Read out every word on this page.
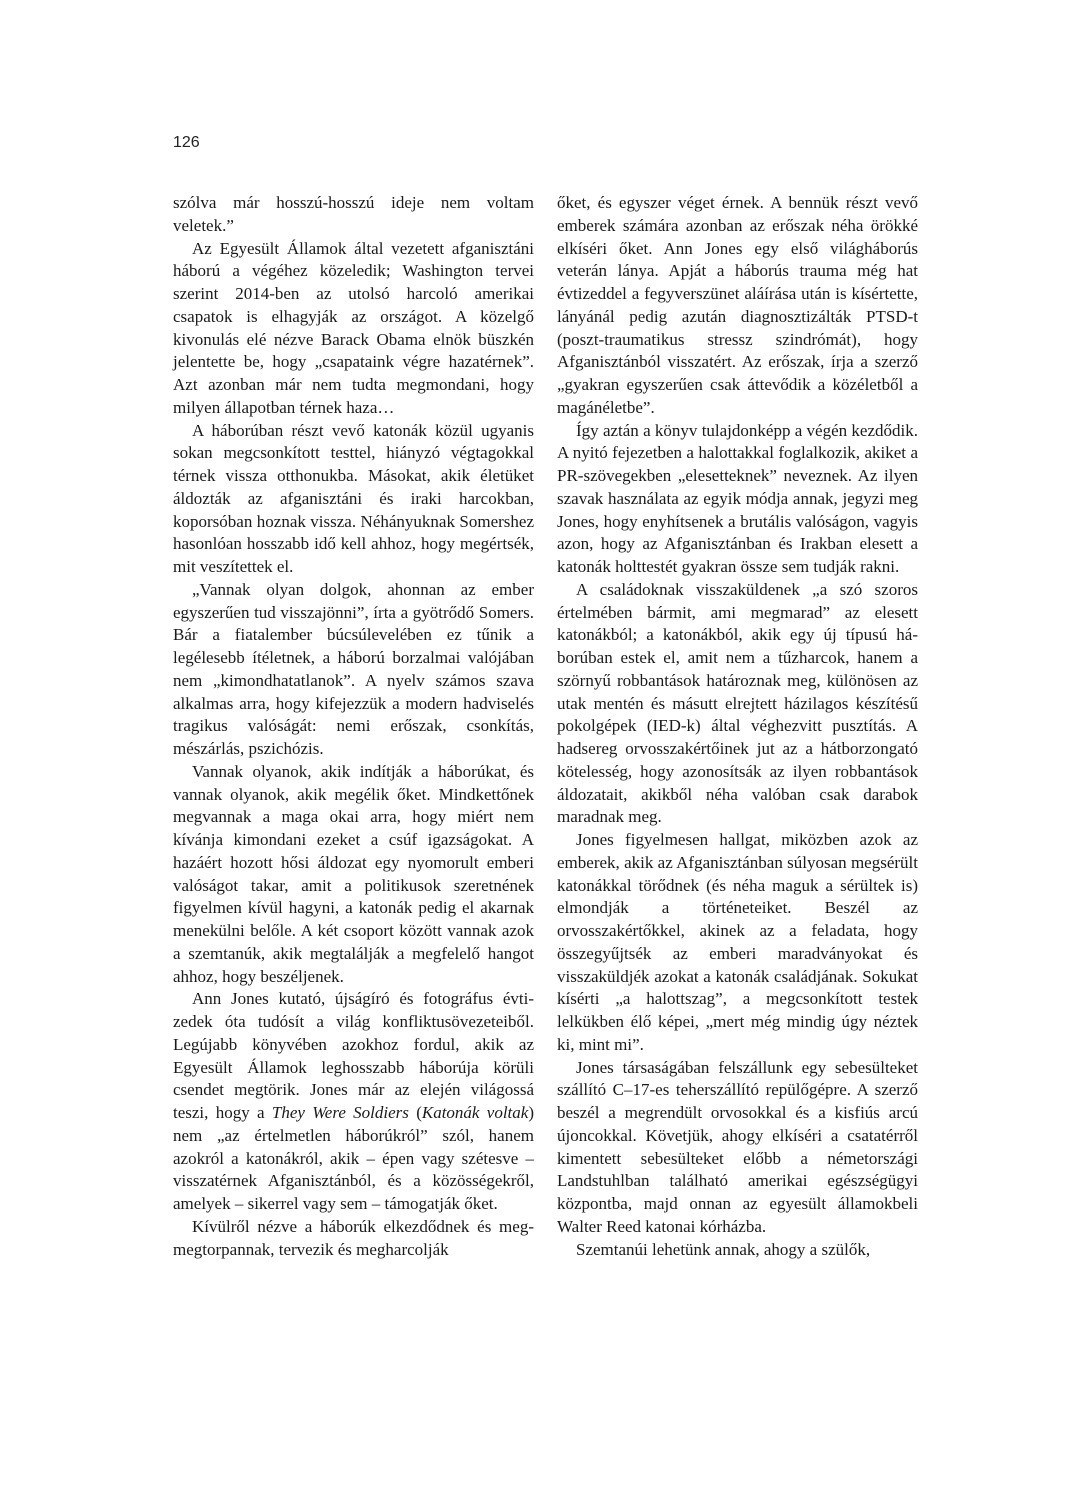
126

szólva már hosszú-hosszú ideje nem voltam veletek.”

Az Egyesült Államok által vezetett afganisztáni háború a végéhez közeledik; Washington tervei szerint 2014-ben az utolsó harcoló amerikai csapatok is elhagyják az országot. A közelgő kivonulás elé nézve Barack Obama elnök büszkén jelentette be, hogy „csapataink végre hazatérnek”. Azt azonban már nem tudta megmondani, hogy milyen állapotban térnek haza…

A háborúban részt vevő katonák közül ugyanis sokan megcsonkított testtel, hiányzó végtagokkal térnek vissza otthonukba. Másokat, akik életüket áldozták az afganisztáni és iraki harcokban, koporsóban hoznak vissza. Néhányuknak Somershez hasonlóan hosszabb idő kell ahhoz, hogy megértsék, mit veszítettek el.

„Vannak olyan dolgok, ahonnan az ember egyszerűen tud visszajönni”, írta a gyötrődő Somers. Bár a fiatalember búcsúlevelében ez tűnik a legélesebb ítéletnek, a háború borzalmai valójában nem „kimondhatatlanok”. A nyelv számos szava alkalmas arra, hogy kifejezzük a modern hadviselés tragikus valóságát: nemi erőszak, csonkítás, mészárlás, pszichózis.

Vannak olyanok, akik indítják a háborúkat, és vannak olyanok, akik megélik őket. Mindkettőnek megvannak a maga okai arra, hogy miért nem kívánja kimondani ezeket a csúf igazságokat. A hazáért hozott hősi áldozat egy nyomorult emberi valóságot takar, amit a politikusok szeretnének figyelmen kívül hagyni, a katonák pedig el akarnak menekülni belőle. A két csoport között vannak azok a szemtanúk, akik megtalálják a megfelelő hangot ahhoz, hogy beszéljenek.

Ann Jones kutató, újságíró és fotográfus évtizedek óta tudósít a világ konfliktusövezeteiből. Legújabb könyvében azokhoz fordul, akik az Egyesült Államok leghosszabb háborúja körüli csendet megtörik. Jones már az elején világossá teszi, hogy a They Were Soldiers (Katonák voltak) nem „az értelmetlen háborúkról” szól, hanem azokról a katonákról, akik – épen vagy szétesve – visszatérnek Afganisztánból, és a közösségekről, amelyek – sikerrel vagy sem – támogatják őket.

Kívülről nézve a háborúk elkezdődnek és meg-megtorpannak, tervezik és megharcolják

őket, és egyszer véget érnek. A bennük részt vevő emberek számára azonban az erőszak néha örökké elkíséri őket. Ann Jones egy első világháborús veterán lánya. Apját a háborús trauma még hat évtizeddel a fegyverszünet aláírása után is kísértette, lányánál pedig azután diagnosztizálták PTSD-t (poszt-traumatikus stressz szindrómát), hogy Afganisztánból visszatért. Az erőszak, írja a szerző „gyakran egyszerűen csak áttevődik a közéletből a magánéletbe”.

Így aztán a könyv tulajdonképp a végén kezdődik. A nyitó fejezetben a halottakkal foglalkozik, akiket a PR-szövegekben „elesetteknek” neveznek. Az ilyen szavak használata az egyik módja annak, jegyzi meg Jones, hogy enyhítsenek a brutális valóságon, vagyis azon, hogy az Afganisztánban és Irakban elesett a katonák holttestét gyakran össze sem tudják rakni.

A családoknak visszaküldenek „a szó szoros értelmében bármit, ami megmarad” az elesett katonákból; a katonákból, akik egy új típusú háborúban estek el, amit nem a tűzharcok, hanem a szörnyű robbantások határoznak meg, különösen az utak mentén és másutt elrejtett házilagos készítésű pokolgépek (IED-k) által véghezvitt pusztítás. A hadsereg orvosszakértőinek jut az a hátborzongató kötelesség, hogy azonosítsák az ilyen robbantások áldozatait, akikből néha valóban csak darabok maradnak meg.

Jones figyelmesen hallgat, miközben azok az emberek, akik az Afganisztánban súlyosan megsérült katonákkal törődnek (és néha maguk a sérültek is) elmondják a történeteiket. Beszél az orvosszakértőkkel, akinek az a feladata, hogy összegyűjtsék az emberi maradványokat és visszaküldjék azokat a katonák családjának. Sokukat kísérti „a halottszag”, a megcsonkított testek lelkükben élő képei, „mert még mindig úgy néztek ki, mint mi”.

Jones társaságában felszállunk egy sebesülteket szállító C–17-es teherszállító repülőgépre. A szerző beszél a megrendült orvosokkal és a kisfiús arcú újoncokkal. Követjük, ahogy elkíséri a csatatérről kimentett sebesülteket előbb a németországi Landstuhlban található amerikai egészségügyi központba, majd onnan az egyesült államokbeli Walter Reed katonai kórházba.

Szemtanúi lehetünk annak, ahogy a szülők,
